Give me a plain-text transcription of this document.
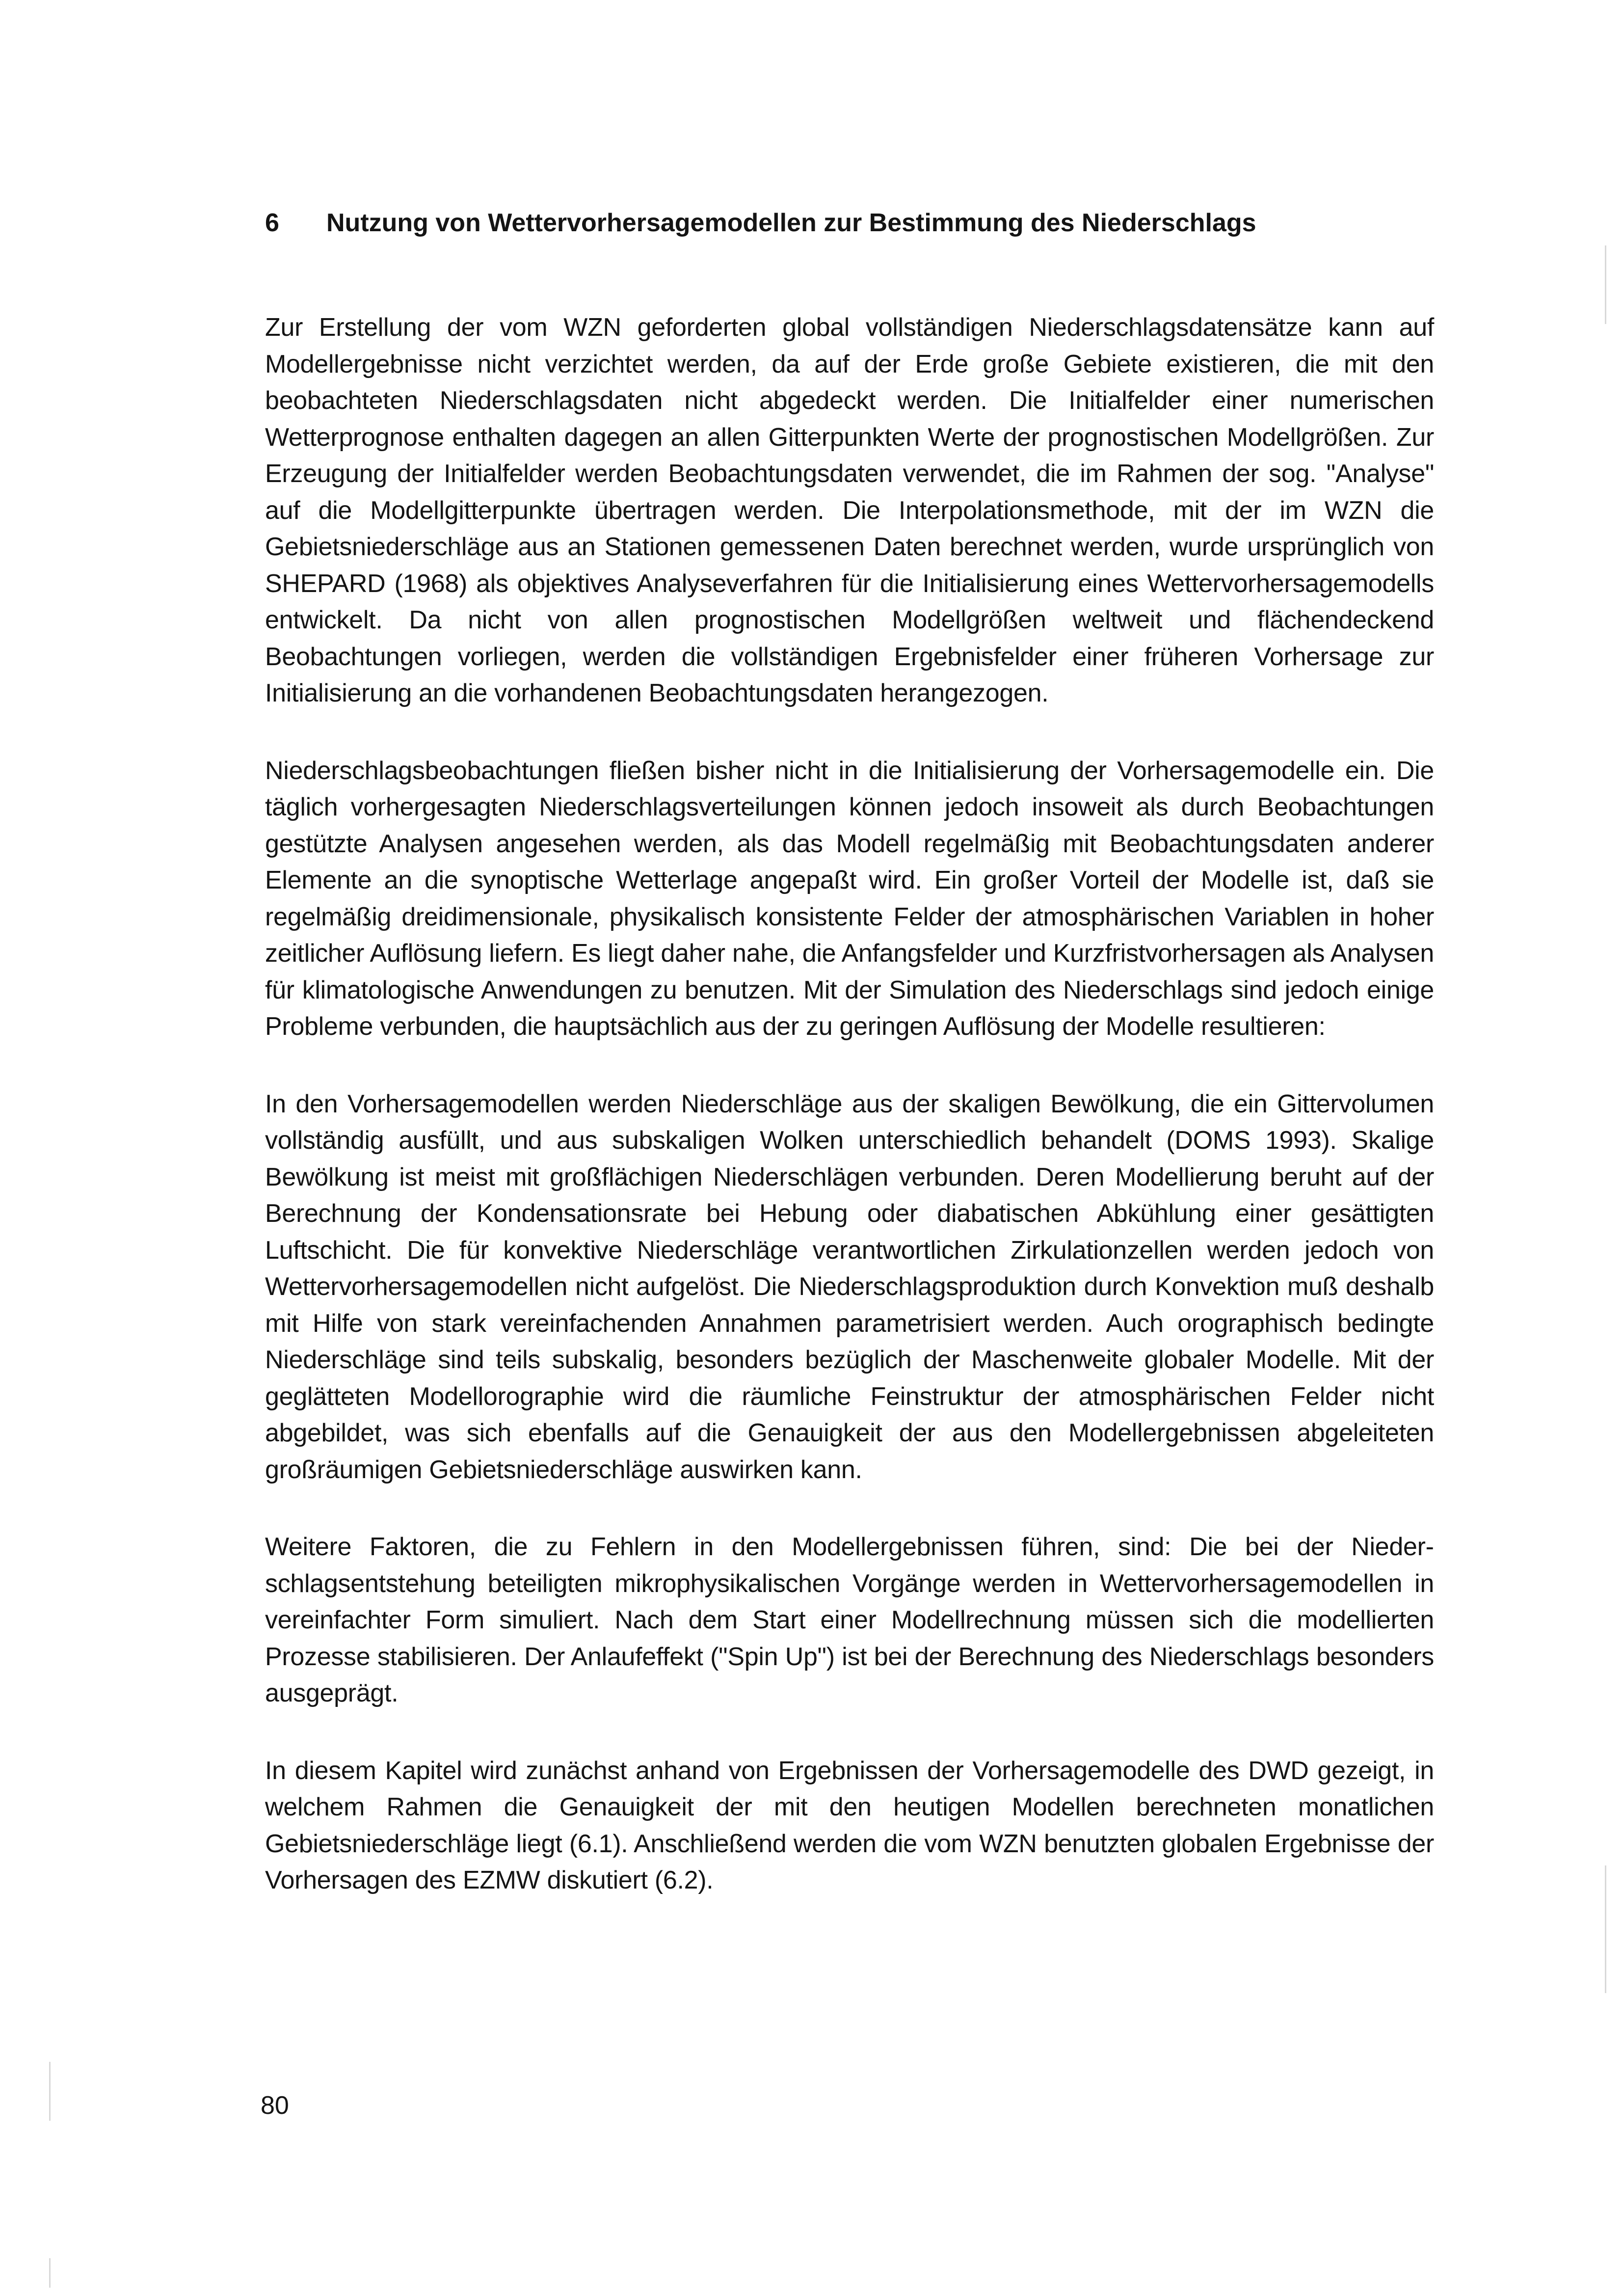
6 Nutzung von Wettervorhersagemodellen zur Bestimmung des Niederschlags

Zur Erstellung der vom WZN geforderten global vollständigen Niederschlagsdatensätze kann auf Modellergebnisse nicht verzichtet werden, da auf der Erde große Gebiete existieren, die mit den beobachteten Niederschlagsdaten nicht abgedeckt werden. Die Initialfelder einer numerischen Wetterprognose enthalten dagegen an allen Gitterpunkten Werte der prognostischen Modellgrößen. Zur Erzeugung der Initialfelder werden Beobachtungsdaten verwendet, die im Rahmen der sog. "Analyse" auf die Modellgitterpunkte übertragen werden. Die Interpolationsmethode, mit der im WZN die Gebietsniederschläge aus an Stationen gemessenen Daten berechnet werden, wurde ursprünglich von SHEPARD (1968) als objektives Analyseverfahren für die Initialisierung eines Wettervorhersagemodells entwickelt. Da nicht von allen prognostischen Modellgrößen weltweit und flächendeckend Beobachtungen vorliegen, werden die vollständigen Ergebnisfelder einer früheren Vorhersage zur Initialisierung an die vorhandenen Beobachtungsdaten herangezogen.

Niederschlagsbeobachtungen fließen bisher nicht in die Initialisierung der Vorhersagemodelle ein. Die täglich vorhergesagten Niederschlagsverteilungen können jedoch insoweit als durch Beobachtungen gestützte Analysen angesehen werden, als das Modell regelmäßig mit Beobachtungsdaten anderer Elemente an die synoptische Wetterlage angepaßt wird. Ein großer Vorteil der Modelle ist, daß sie regelmäßig dreidimensionale, physikalisch konsistente Felder der atmosphärischen Variablen in hoher zeitlicher Auflösung liefern. Es liegt daher nahe, die Anfangsfelder und Kurzfristvorhersagen als Analysen für klimatologische Anwendungen zu benutzen. Mit der Simulation des Niederschlags sind jedoch einige Probleme verbunden, die hauptsächlich aus der zu geringen Auflösung der Modelle resultieren:

In den Vorhersagemodellen werden Niederschläge aus der skaligen Bewölkung, die ein Gittervolumen vollständig ausfüllt, und aus subskaligen Wolken unterschiedlich behandelt (DOMS 1993). Skalige Bewölkung ist meist mit großflächigen Niederschlägen verbunden. Deren Modellierung beruht auf der Berechnung der Kondensationsrate bei Hebung oder diabatischen Abkühlung einer gesättigten Luftschicht. Die für konvektive Niederschläge verantwortlichen Zirkulationzellen werden jedoch von Wettervorhersagemodellen nicht aufgelöst. Die Niederschlagsproduktion durch Konvektion muß deshalb mit Hilfe von stark vereinfachenden Annahmen parametrisiert werden. Auch orographisch bedingte Niederschläge sind teils subskalig, besonders bezüglich der Maschenweite globaler Modelle. Mit der geglätteten Modellorographie wird die räumliche Feinstruktur der atmosphärischen Felder nicht abgebildet, was sich ebenfalls auf die Genauigkeit der aus den Modellergebnissen abgeleiteten großräumigen Gebietsniederschläge auswirken kann.

Weitere Faktoren, die zu Fehlern in den Modellergebnissen führen, sind: Die bei der Niederschlagsentstehung beteiligten mikrophysikalischen Vorgänge werden in Wettervorhersagemodellen in vereinfachter Form simuliert. Nach dem Start einer Modellrechnung müssen sich die modellierten Prozesse stabilisieren. Der Anlaufeffekt ("Spin Up") ist bei der Berechnung des Niederschlags besonders ausgeprägt.

In diesem Kapitel wird zunächst anhand von Ergebnissen der Vorhersagemodelle des DWD gezeigt, in welchem Rahmen die Genauigkeit der mit den heutigen Modellen berechneten monatlichen Gebietsniederschläge liegt (6.1). Anschließend werden die vom WZN benutzten globalen Ergebnisse der Vorhersagen des EZMW diskutiert (6.2).

80
